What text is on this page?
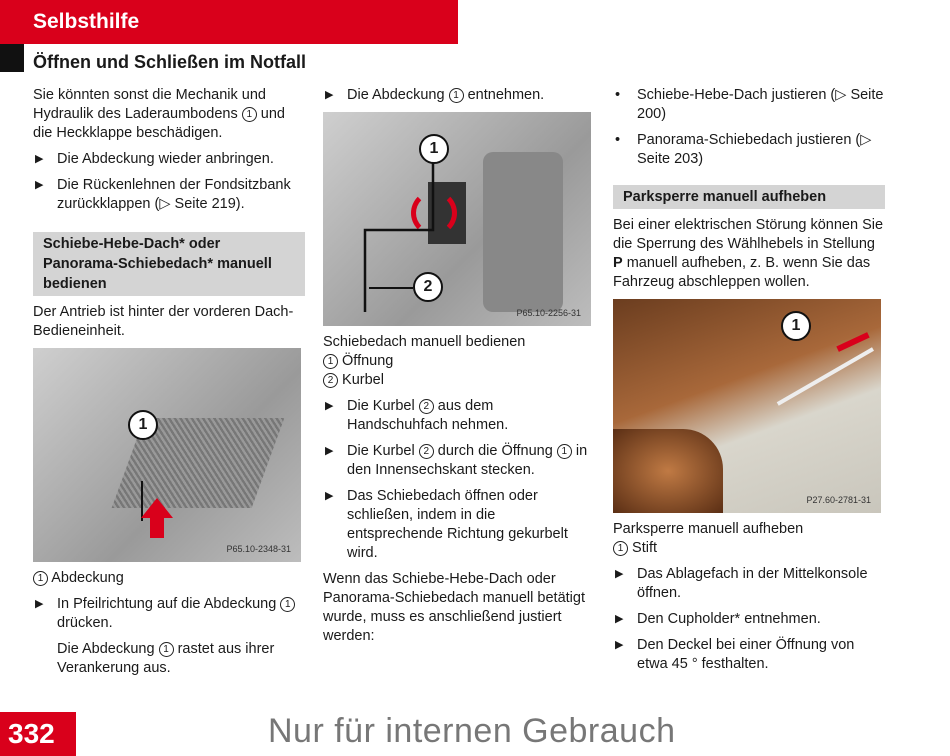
Selbsthilfe
Öffnen und Schließen im Notfall

Sie könnten sonst die Mechanik und Hydraulik des Laderaumbodens 1 und die Heckklappe beschädigen.

▶ Die Abdeckung wieder anbringen.
▶ Die Rückenlehnen der Fondsitzbank zurückklappen (▷ Seite 219).
Schiebe-Hebe-Dach* oder Panorama-Schiebedach* manuell bedienen

Der Antrieb ist hinter der vorderen Dach-Bedieneinheit.

1
P65.10-2348-31

1 Abdeckung

▶ In Pfeilrichtung auf die Abdeckung 1 drücken.

Die Abdeckung 1 rastet aus ihrer Verankerung aus.

▶ Die Abdeckung 1 entnehmen.
1
2
P65.10-2256-31

Schiebedach manuell bedienen

1 Öffnung

2 Kurbel

▶ Die Kurbel 2 aus dem Handschuhfach nehmen.
▶ Die Kurbel 2 durch die Öffnung 1 in den Innensechskant stecken.
▶ Das Schiebedach öffnen oder schließen, indem in die entsprechende Richtung gekurbelt wird.

Wenn das Schiebe-Hebe-Dach oder Panorama-Schiebedach manuell betätigt wurde, muss es anschließend justiert werden:

• Schiebe-Hebe-Dach justieren (▷ Seite 200)
• Panorama-Schiebedach justieren (▷ Seite 203)
Parksperre manuell aufheben

Bei einer elektrischen Störung können Sie die Sperrung des Wählhebels in Stellung P manuell aufheben, z. B. wenn Sie das Fahrzeug abschleppen wollen.

1
P27.60-2781-31

Parksperre manuell aufheben

1 Stift

▶ Das Ablagefach in der Mittelkonsole öffnen.
▶ Den Cupholder* entnehmen.
▶ Den Deckel bei einer Öffnung von etwa 45 ° festhalten.
332	Nur für internen Gebrauch
